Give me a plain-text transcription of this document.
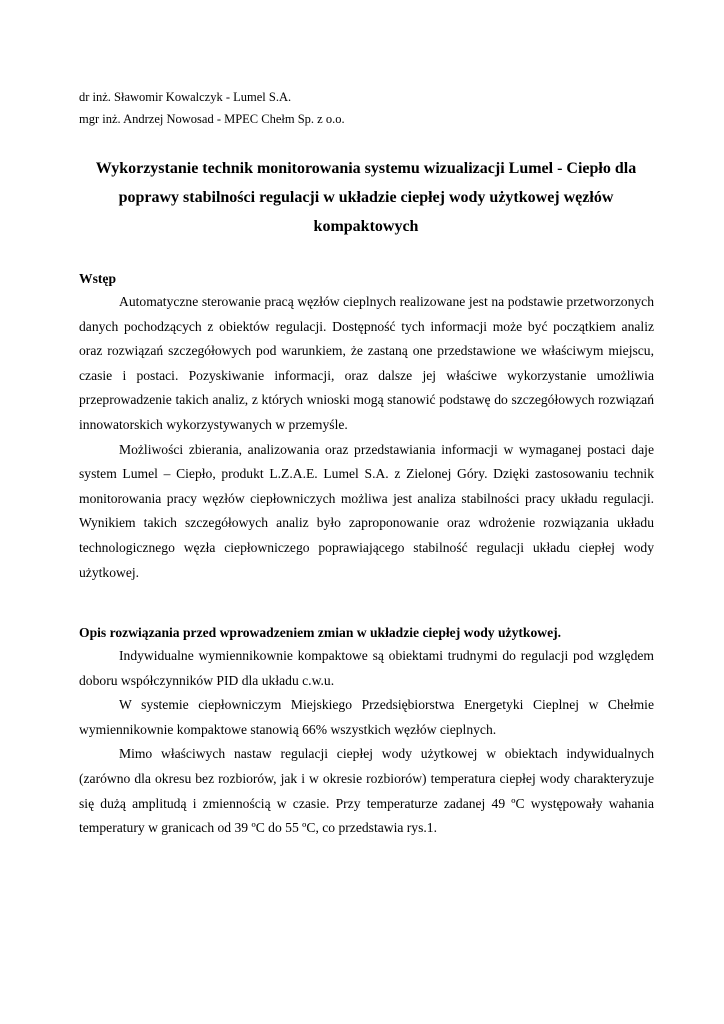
dr inż. Sławomir Kowalczyk - Lumel S.A.
mgr inż. Andrzej Nowosad - MPEC Chełm Sp. z o.o.
Wykorzystanie technik monitorowania systemu wizualizacji Lumel - Ciepło dla poprawy stabilności regulacji w układzie ciepłej wody użytkowej węzłów kompaktowych
Wstęp

Automatyczne sterowanie pracą węzłów cieplnych realizowane jest na podstawie przetworzonych danych pochodzących z obiektów regulacji. Dostępność tych informacji może być początkiem analiz oraz rozwiązań szczegółowych pod warunkiem, że zastaną one przedstawione we właściwym miejscu, czasie i postaci. Pozyskiwanie informacji, oraz dalsze jej właściwe wykorzystanie umożliwia przeprowadzenie takich analiz, z których wnioski mogą stanowić podstawę do szczegółowych rozwiązań innowatorskich wykorzystywanych w przemyśle.

Możliwości zbierania, analizowania oraz przedstawiania informacji w wymaganej postaci daje system Lumel – Ciepło, produkt L.Z.A.E. Lumel S.A. z Zielonej Góry. Dzięki zastosowaniu technik monitorowania pracy węzłów ciepłowniczych możliwa jest analiza stabilności pracy układu regulacji. Wynikiem takich szczegółowych analiz było zaproponowanie oraz wdrożenie rozwiązania układu technologicznego węzła ciepłowniczego poprawiającego stabilność regulacji układu ciepłej wody użytkowej.

Opis rozwiązania przed wprowadzeniem zmian w układzie ciepłej wody użytkowej.

Indywidualne wymiennikownie kompaktowe są obiektami trudnymi do regulacji pod względem doboru współczynników PID dla układu c.w.u.

W systemie ciepłowniczym Miejskiego Przedsiębiorstwa Energetyki Cieplnej w Chełmie wymiennikownie kompaktowe stanowią 66% wszystkich węzłów cieplnych.

Mimo właściwych nastaw regulacji ciepłej wody użytkowej w obiektach indywidualnych (zarówno dla okresu bez rozbiorów, jak i w okresie rozbiorów) temperatura ciepłej wody charakteryzuje się dużą amplitudą i zmiennością w czasie. Przy temperaturze zadanej 49 ºC występowały wahania temperatury w granicach od 39 ºC do 55 ºC, co przedstawia rys.1.
